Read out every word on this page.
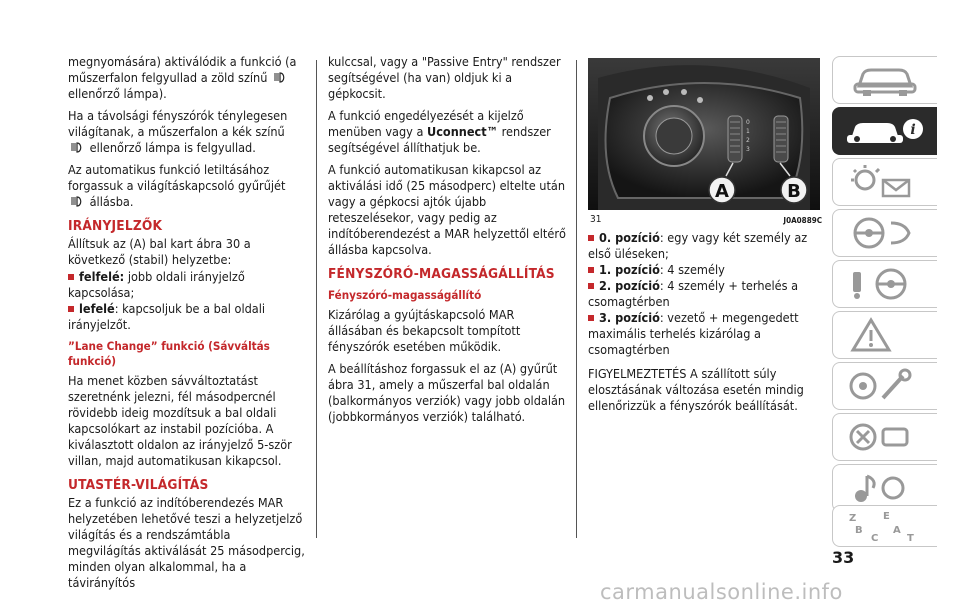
megnyomására) aktiválódik a funkció (a műszerfalon felgyullad a zöld színű
ellenőrző lámpa).

Ha a távolsági fényszórók ténylegesen világítanak, a műszerfalon a kék színű

ellenőrző lámpa is felgyullad.

Az automatikus funkció letiltásához forgassuk a világításkapcsoló gyűrűjét
állásba.

IRÁNYJELZŐK

Állítsuk az (A) bal kart ábra 30 a következő (stabil) helyzetbe:

felfelé: jobb oldali irányjelző kapcsolása;
lefelé: kapcsoljuk be a bal oldali irányjelzőt.
”Lane Change” funkció (Sávváltás funkció)

Ha menet közben sávváltoztatást szeretnénk jelezni, fél másodpercnél rövidebb ideig mozdítsuk a bal oldali kapcsolókart az instabil pozícióba. A kiválasztott oldalon az irányjelző 5-ször villan, majd automatikusan kikapcsol.

UTASTÉR-VILÁGÍTÁS

Ez a funkció az indítóberendezés MAR helyzetében lehetővé teszi a helyzetjelző világítás és a rendszámtábla megvilágítás aktiválását 25 másodpercig, minden olyan alkalommal, ha a távirányítós

kulccsal, vagy a "Passive Entry" rendszer segítségével (ha van) oldjuk ki a gépkocsit.

A funkció engedélyezését a kijelző menüben vagy a Uconnect™ rendszer segítségével állíthatjuk be.

A funkció automatikusan kikapcsol az aktiválási idő (25 másodperc) eltelte után vagy a gépkocsi ajtók újabb reteszelésekor, vagy pedig az indítóberendezést a MAR helyzettől eltérő állásba kapcsolva.

FÉNYSZÓRÓ-MAGASSÁGÁLLÍTÁS
Fényszóró-magasságállító

Kizárólag a gyújtáskapcsoló MAR állásában és bekapcsolt tompított fényszórók esetében működik.

A beállításhoz forgassuk el az (A) gyűrűt ábra 31, amely a műszerfal bal oldalán (balkormányos verziók) vagy jobb oldalán (jobbkormányos verziók) található.

0
1
2
3
A	B
31	J0A0889C
0. pozíció: egy vagy két személy az első üléseken;
1. pozíció: 4 személy
2. pozíció: 4 személy + terhelés a csomagtérben
3. pozíció: vezető + megengedett maximális terhelés kizárólag a csomagtérben

FIGYELMEZTETÉS A szállított súly elosztásának változása esetén mindig ellenőrizzük a fényszórók beállítását.

i
Z	E
B
C
A
T
33
carmanualsonline.info
